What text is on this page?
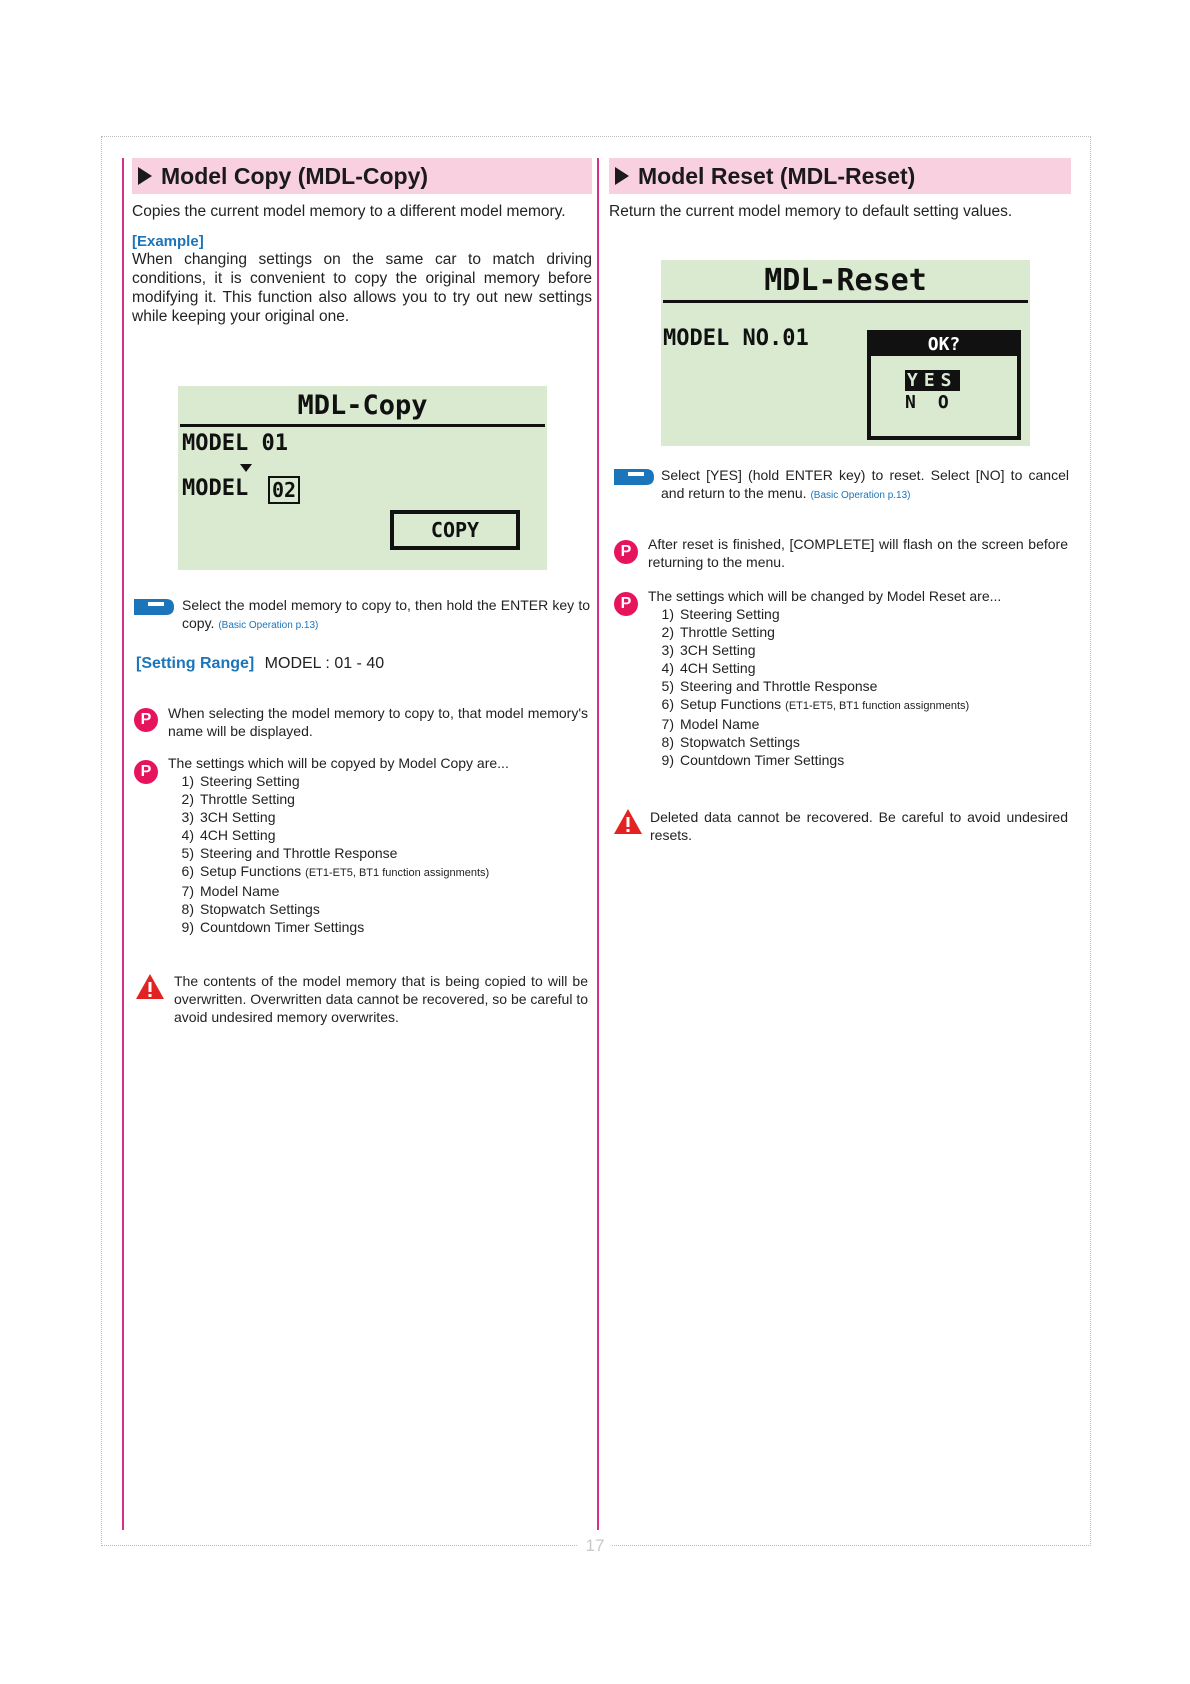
17
Model Copy (MDL-Copy)

Copies the current model memory to a different model memory.

[Example]

When changing settings on the same car to match driving conditions, it is convenient to copy the original memory before modifying it. This function also allows you to try out new settings while keeping your original one.

MDL-Copy
MODEL 01
MODEL 02
COPY
Select the model memory to copy to, then hold the ENTER key to copy. (Basic Operation p.13)
[Setting Range] MODEL : 01 - 40
P	When selecting the model memory to copy to, that model memory's name will be displayed.
P	The settings which will be copyed by Model Copy are...
1) Steering Setting
2) Throttle Setting
3) 3CH Setting
4) 4CH Setting
5) Steering and Throttle Response
6) Setup Functions (ET1-ET5, BT1 function assignments)
7) Model Name
8) Stopwatch Settings
9) Countdown Timer Settings
The contents of the model memory that is being copied to will be overwritten. Overwritten data cannot be recovered, so be careful to avoid undesired memory overwrites.
Model Reset (MDL-Reset)

Return the current model memory to default setting values.

MDL-Reset
MODEL NO.01	OK?
YES
NO
Select [YES] (hold ENTER key) to reset. Select [NO] to cancel and return to the menu. (Basic Operation p.13)
P	After reset is finished, [COMPLETE] will flash on the screen before returning to the menu.
P	The settings which will be changed by Model Reset are...
1) Steering Setting
2) Throttle Setting
3) 3CH Setting
4) 4CH Setting
5) Steering and Throttle Response
6) Setup Functions (ET1-ET5, BT1 function assignments)
7) Model Name
8) Stopwatch Settings
9) Countdown Timer Settings
Deleted data cannot be recovered. Be careful to avoid undesired resets.
